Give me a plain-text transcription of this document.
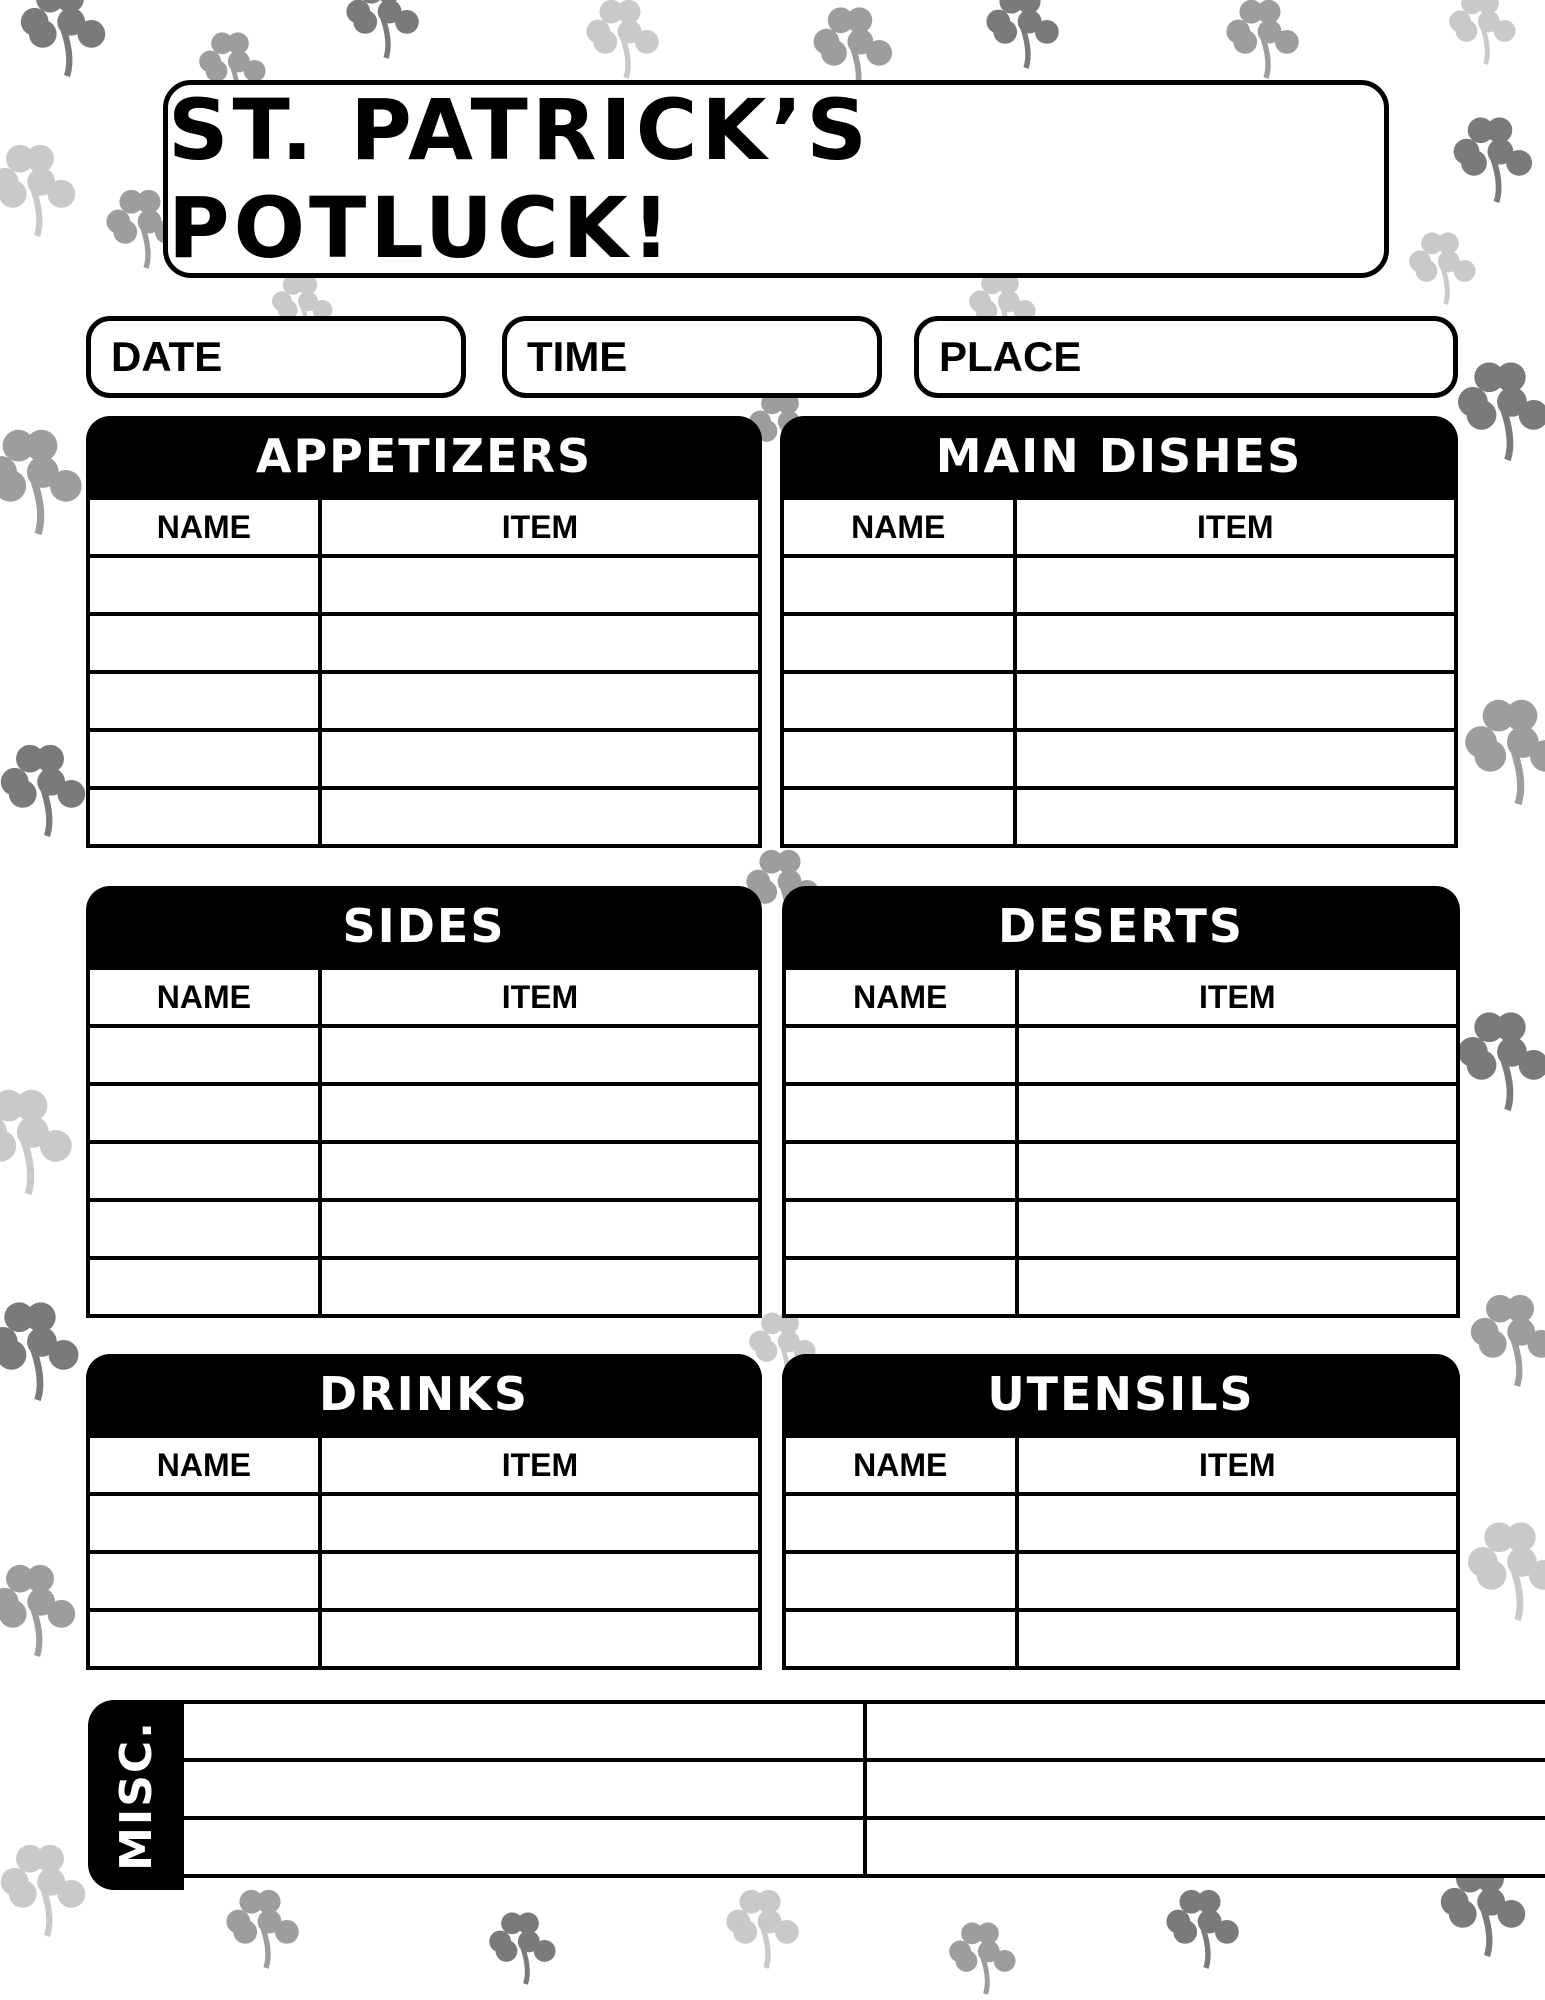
ST. PATRICK’S POTLUCK!
DATE	TIME	PLACE
APPETIZERS
NAME	ITEM

MAIN DISHES
NAME	ITEM

SIDES
NAME	ITEM

DESERTS
NAME	ITEM

DRINKS
NAME	ITEM

UTENSILS
NAME	ITEM

MISC.
